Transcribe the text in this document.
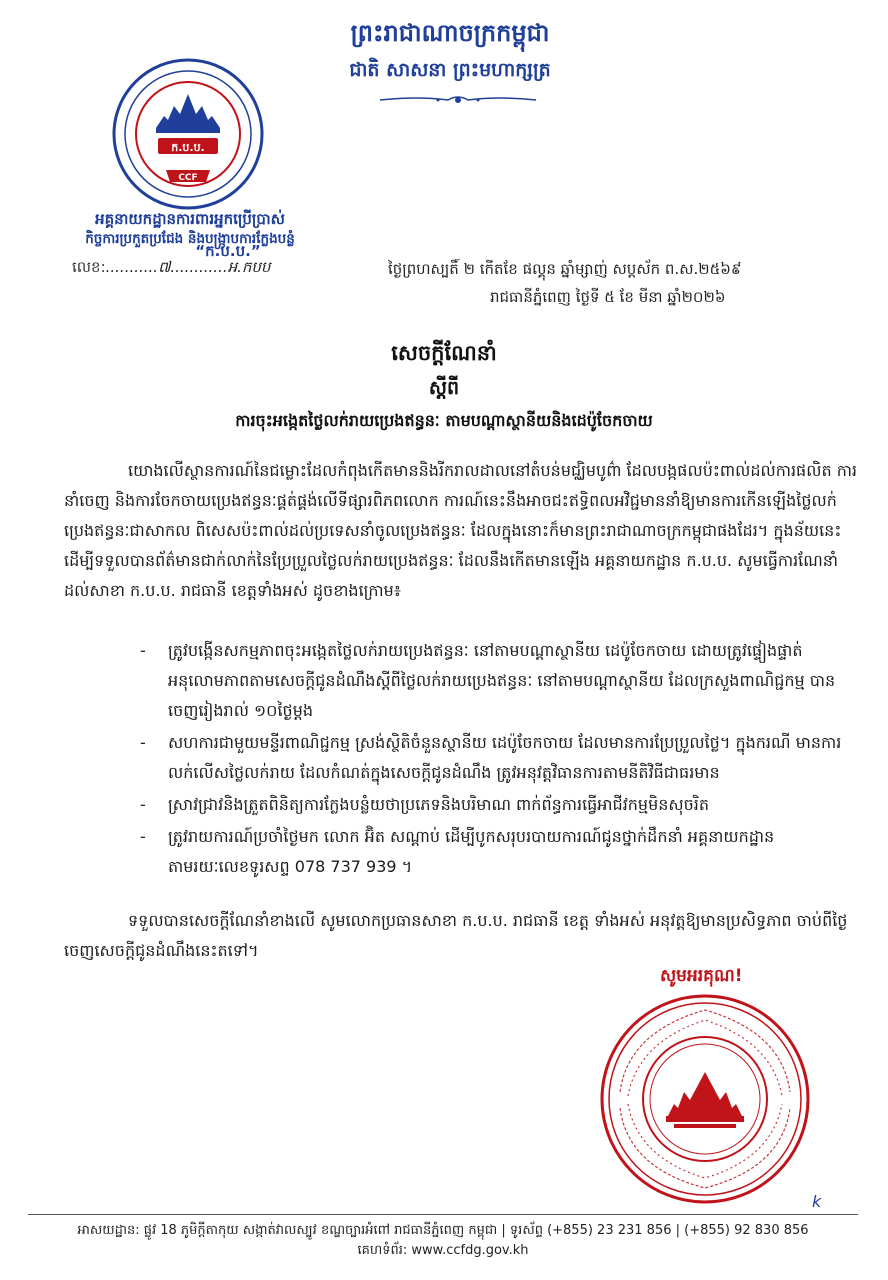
ព្រះរាជាណាចក្រកម្ពុជា
ជាតិ សាសនា ព្រះមហាក្សត្រ
ក.ប.ប.
CCF
អគ្គនាយកដ្ឋានការពារអ្នកប្រើប្រាស់
កិច្ចការប្រកួតប្រជែង និងបង្ក្រាបការក្លែងបន្លំ
“ក.ប.ប.”
លេខ:...........៧............អ.កបប	ថ្ងៃព្រហស្បតិ៍ ២ កើតខែ ផល្គុន ឆ្នាំម្សាញ់ សប្តស័ក ព.ស.២៥៦៩
រាជធានីភ្នំពេញ ថ្ងៃទី ៥ ខែ មីនា ឆ្នាំ២០២៦
សេចក្តីណែនាំ
ស្តីពី
ការចុះអង្កេតថ្លៃលក់រាយប្រេងឥន្ធនៈ តាមបណ្តាស្ថានីយនិងដេប៉ូចែកចាយ

យោងលើស្ថានការណ៍នៃជម្លោះដែលកំពុងកើតមាននិងរីករាលដាលនៅតំបន់មជ្ឈិមបូព៌ា ដែលបង្កផលប៉ះពាល់ដល់ការផលិត ការនាំចេញ និងការចែកចាយប្រេងឥន្ធនៈផ្គត់ផ្គង់លើទីផ្សារពិភពលោក ការណ៍នេះនឹងអាចជះឥទ្ធិពលអវិជ្ជមាននាំឱ្យមានការកើនឡើងថ្លៃលក់ប្រេងឥន្ធនៈជាសាកល ពិសេសប៉ះពាល់ដល់ប្រទេសនាំចូលប្រេងឥន្ធនៈ ដែលក្នុងនោះក៏មានព្រះរាជាណាចក្រកម្ពុជាផងដែរ។ ក្នុងន័យនេះ ដើម្បីទទួលបានព័ត៌មានជាក់លាក់នៃប្រែប្រួលថ្លៃលក់រាយប្រេងឥន្ធនៈ ដែលនឹងកើតមានឡើង អគ្គនាយកដ្ឋាន ក.ប.ប. សូមធ្វើការណែនាំដល់សាខា ក.ប.ប. រាជធានី ខេត្តទាំងអស់ ដូចខាងក្រោម៖

- ត្រូវបង្កើនសកម្មភាពចុះអង្កេតថ្លៃលក់រាយប្រេងឥន្ធនៈ នៅតាមបណ្តាស្ថានីយ ដេប៉ូចែកចាយ ដោយត្រូវផ្ទៀងផ្ទាត់អនុលោមភាពតាមសេចក្តីជូនដំណឹងស្តីពីថ្លៃលក់រាយប្រេងឥន្ធនៈ នៅតាមបណ្តាស្ថានីយ ដែលក្រសួងពាណិជ្ជកម្ម បានចេញរៀងរាល់ ១០ថ្ងៃម្តង
- សហការជាមួយមន្ទីរពាណិជ្ជកម្ម ស្រង់ស្ថិតិចំនួនស្ថានីយ ដេប៉ូចែកចាយ ដែលមានការប្រែប្រួលថ្លៃ។ ក្នុងករណី មានការលក់លើសថ្លៃលក់រាយ ដែលកំណត់ក្នុងសេចក្តីជូនដំណឹង ត្រូវអនុវត្តវិធានការតាមនីតិវិធីជាធរមាន
- ស្រាវជ្រាវនិងត្រួតពិនិត្យការក្លែងបន្លំយថាប្រភេទនិងបរិមាណ ពាក់ព័ន្ធការធ្វើអាជីវកម្មមិនសុចរិត
- ត្រូវរាយការណ៍ប្រចាំថ្ងៃមក លោក អ៊ិត សណ្តាប់ ដើម្បីបូកសរុបរបាយការណ៍ជូនថ្នាក់ដឹកនាំ អគ្គនាយកដ្ឋាន តាមរយៈលេខទូរសព្ទ 078 737 939 ។

ទទួលបានសេចក្តីណែនាំខាងលើ សូមលោកប្រធានសាខា ក.ប.ប. រាជធានី ខេត្ត ទាំងអស់ អនុវត្តឱ្យមានប្រសិទ្ធភាព ចាប់ពីថ្ងៃចេញសេចក្តីជូនដំណឹងនេះតទៅ។

សូមអរគុណ!
k
អាសយដ្ឋាន: ផ្លូវ 18 ភូមិក្តីតាកុយ សង្កាត់វាលស្បូវ ខណ្ឌច្បារអំពៅ រាជធានីភ្នំពេញ កម្ពុជា | ទូរស័ព្ទ (+855) 23 231 856 | (+855) 92 830 856
គេហទំព័រ: www.ccfdg.gov.kh
